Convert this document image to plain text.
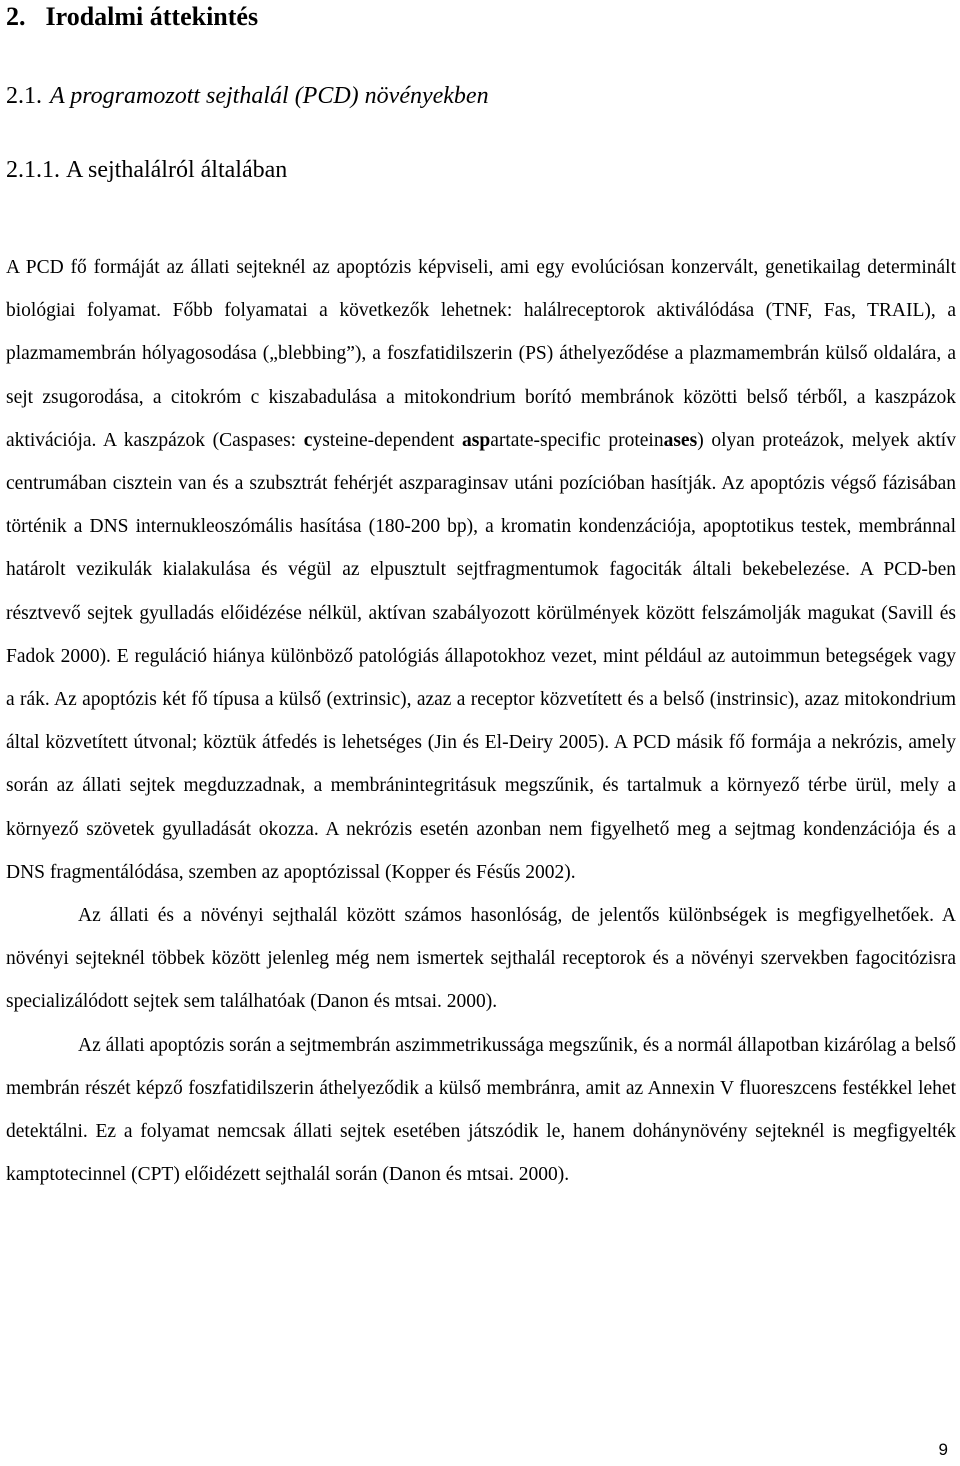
2. Irodalmi áttekintés
2.1. A programozott sejthalál (PCD) növényekben
2.1.1. A sejthalálról általában

A PCD fő formáját az állati sejteknél az apoptózis képviseli, ami egy evolúciósan konzervált, genetikailag determinált biológiai folyamat. Főbb folyamatai a következők lehetnek: halálreceptorok aktiválódása (TNF, Fas, TRAIL), a plazmamembrán hólyagosodása („blebbing”), a foszfatidilszerin (PS) áthelyeződése a plazmamembrán külső oldalára, a sejt zsugorodása, a citokróm c kiszabadulása a mitokondrium borító membránok közötti belső térből, a kaszpázok aktivációja. A kaszpázok (Caspases: cysteine-dependent aspartate-specific proteinases) olyan proteázok, melyek aktív centrumában cisztein van és a szubsztrát fehérjét aszparaginsav utáni pozícióban hasítják. Az apoptózis végső fázisában történik a DNS internukleoszómális hasítása (180-200 bp), a kromatin kondenzációja, apoptotikus testek, membránnal határolt vezikulák kialakulása és végül az elpusztult sejtfragmentumok fagociták általi bekebelezése. A PCD-ben résztvevő sejtek gyulladás előidézése nélkül, aktívan szabályozott körülmények között felszámolják magukat (Savill és Fadok 2000). E reguláció hiánya különböző patológiás állapotokhoz vezet, mint például az autoimmun betegségek vagy a rák. Az apoptózis két fő típusa a külső (extrinsic), azaz a receptor közvetített és a belső (instrinsic), azaz mitokondrium által közvetített útvonal; köztük átfedés is lehetséges (Jin és El-Deiry 2005). A PCD másik fő formája a nekrózis, amely során az állati sejtek megduzzadnak, a membránintegritásuk megszűnik, és tartalmuk a környező térbe ürül, mely a környező szövetek gyulladását okozza. A nekrózis esetén azonban nem figyelhető meg a sejtmag kondenzációja és a DNS fragmentálódása, szemben az apoptózissal (Kopper és Fésűs 2002).

Az állati és a növényi sejthalál között számos hasonlóság, de jelentős különbségek is megfigyelhetőek. A növényi sejteknél többek között jelenleg még nem ismertek sejthalál receptorok és a növényi szervekben fagocitózisra specializálódott sejtek sem találhatóak (Danon és mtsai. 2000).

Az állati apoptózis során a sejtmembrán aszimmetrikussága megszűnik, és a normál állapotban kizárólag a belső membrán részét képző foszfatidilszerin áthelyeződik a külső membránra, amit az Annexin V fluoreszcens festékkel lehet detektálni. Ez a folyamat nemcsak állati sejtek esetében játszódik le, hanem dohánynövény sejteknél is megfigyelték kamptotecinnel (CPT) előidézett sejthalál során (Danon és mtsai. 2000).

9
